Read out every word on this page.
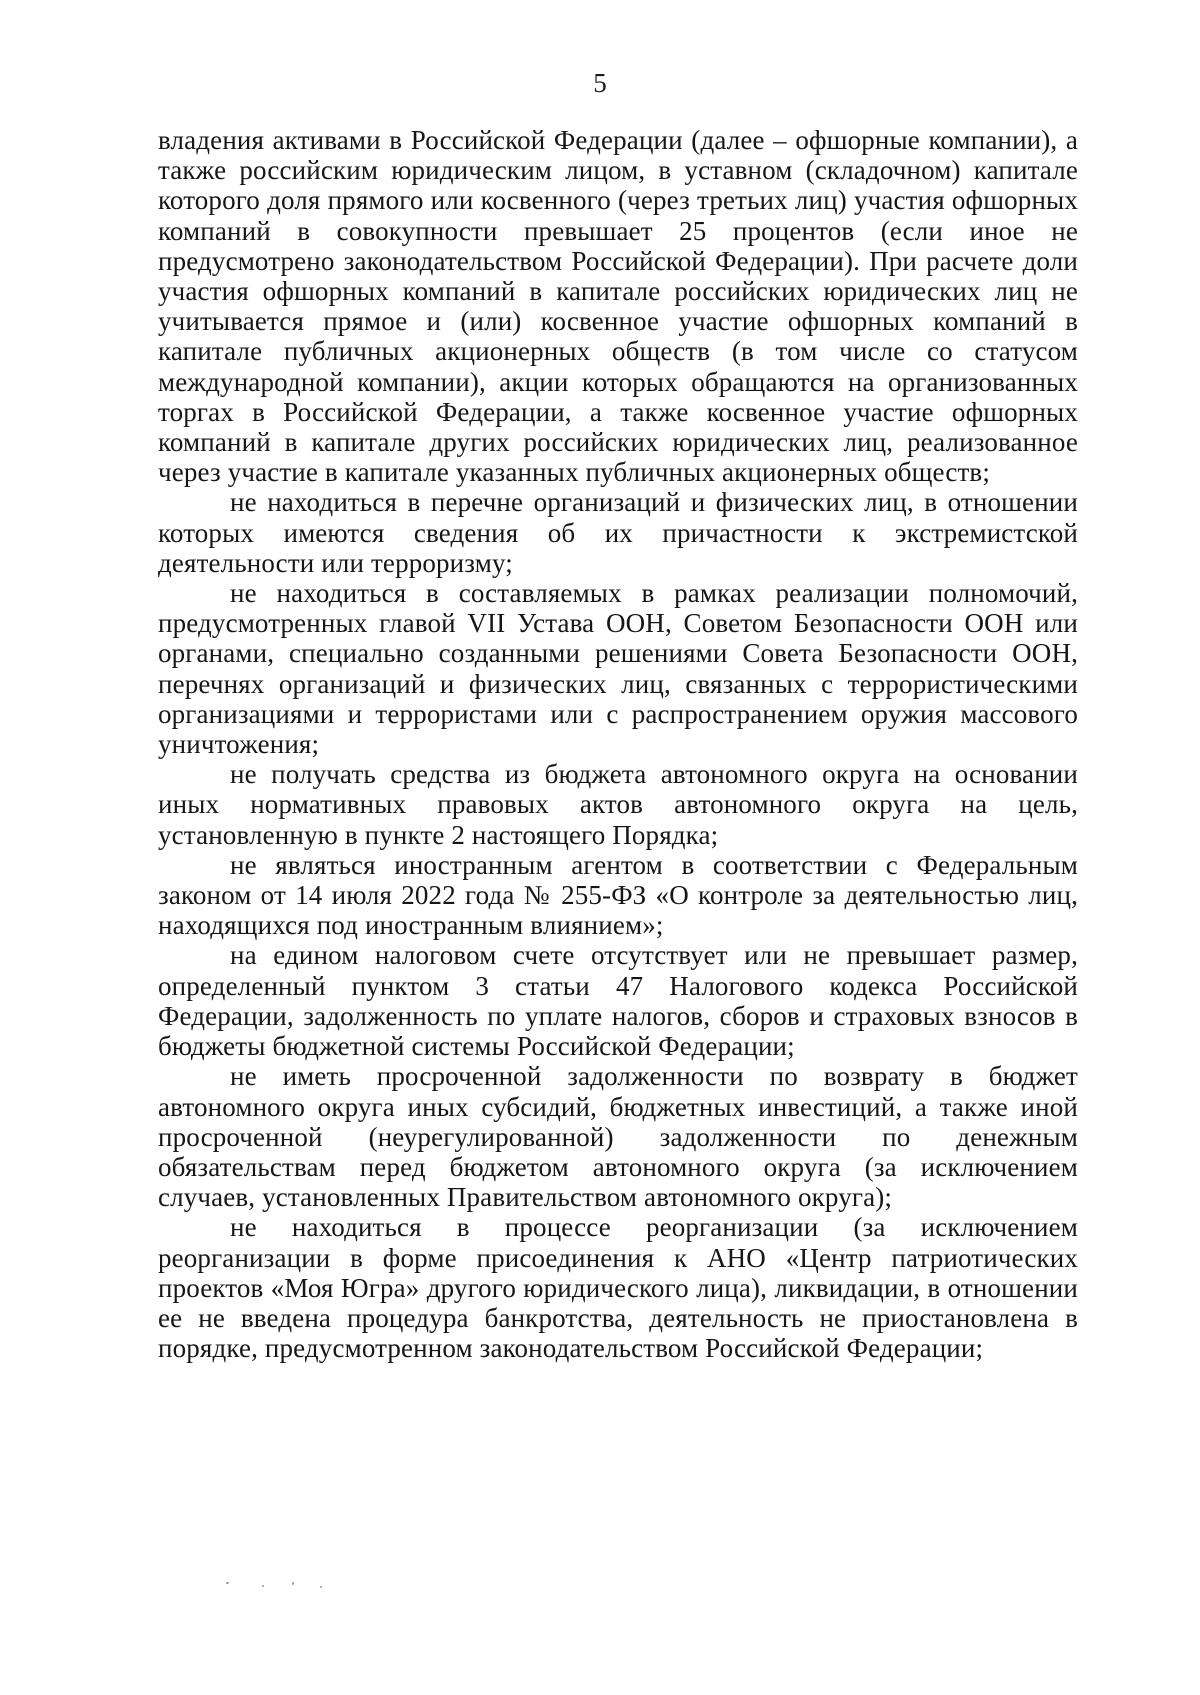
5

владения активами в Российской Федерации (далее – офшорные компании), а также российским юридическим лицом, в уставном (складочном) капитале которого доля прямого или косвенного (через третьих лиц) участия офшорных компаний в совокупности превышает 25 процентов (если иное не предусмотрено законодательством Российской Федерации). При расчете доли участия офшорных компаний в капитале российских юридических лиц не учитывается прямое и (или) косвенное участие офшорных компаний в капитале публичных акционерных обществ (в том числе со статусом международной компании), акции которых обращаются на организованных торгах в Российской Федерации, а также косвенное участие офшорных компаний в капитале других российских юридических лиц, реализованное через участие в капитале указанных публичных акционерных обществ;

не находиться в перечне организаций и физических лиц, в отношении которых имеются сведения об их причастности к экстремистской деятельности или терроризму;

не находиться в составляемых в рамках реализации полномочий, предусмотренных главой VII Устава ООН, Советом Безопасности ООН или органами, специально созданными решениями Совета Безопасности ООН, перечнях организаций и физических лиц, связанных с террористическими организациями и террористами или с распространением оружия массового уничтожения;

не получать средства из бюджета автономного округа на основании иных нормативных правовых актов автономного округа на цель, установленную в пункте 2 настоящего Порядка;

не являться иностранным агентом в соответствии с Федеральным законом от 14 июля 2022 года № 255-ФЗ «О контроле за деятельностью лиц, находящихся под иностранным влиянием»;

на едином налоговом счете отсутствует или не превышает размер, определенный пунктом 3 статьи 47 Налогового кодекса Российской Федерации, задолженность по уплате налогов, сборов и страховых взносов в бюджеты бюджетной системы Российской Федерации;

не иметь просроченной задолженности по возврату в бюджет автономного округа иных субсидий, бюджетных инвестиций, а также иной просроченной (неурегулированной) задолженности по денежным обязательствам перед бюджетом автономного округа (за исключением случаев, установленных Правительством автономного округа);

не находиться в процессе реорганизации (за исключением реорганизации в форме присоединения к АНО «Центр патриотических проектов «Моя Югра» другого юридического лица), ликвидации, в отношении ее не введена процедура банкротства, деятельность не приостановлена в порядке, предусмотренном законодательством Российской Федерации;
